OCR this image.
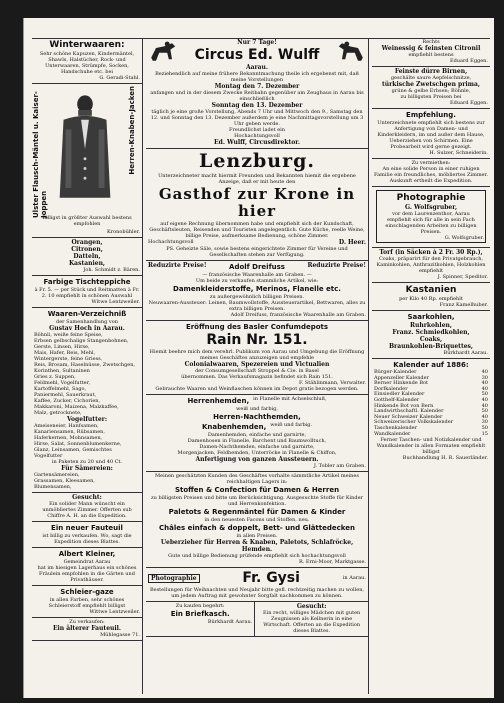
Winterwaaren:

Sehr schöne Kapuzen, Kindermäntel, Shawls, Halstücher, Rock- und Unterwaaren, Strümpfe, Socken, Handschuhe etc. bei

G. Geradi-Stahl.

Ulster Flausch-Mäntel u. Kaiser-Joppen
Herren-Knaben-Jacken

Billigst in größter Auswahl bestens empfohlen

Kronobühler.

Orangen,

Citronen,

Datteln,

Kastanien,

Joh. Schmidt z. Bären.

Farbige Tischteppiche

à Fr. 5. — per Stück und Reitmatten à Fr. 2. 10 empfiehlt in schönen Auswahl

Witwe Lentzweiler.

Waaren-Verzeichniß

der Samenhandlung von

Gustav Hoch in Aarau.

Böhnli, weiße feine Speise,

Erbsen gelbschalige Stangenbohnen,

Gerste, Linsen, Hirse,

Mais, Hafer, Reis, Mehl,

Wintergerste, feine Griess,

Reis, Brosam, Haselnüsse, Zwetschgen,

Korinthen, Sultaninen

Gries z. Suppen,

Feldmehl, Vogelfutter,

Kartoffelmehl, Sago,

Paniermehl, Sauerkraut,

Kaffee, Zucker, Cichorien,

Makkaroni, Maizena, Malzkaffee,

Malz, getrocknete,

Vogelfutter:

Ameiseneier, Hanfsamen,

Kanariensamen, Rübsamen,

Haferkernen, Mohnsamen,

Hirse, Salat, Sonnenblumenkerne,

Glanz, Leinsamen, Gemischtes Vogelfutter

in Paketen zu 20 und 40 Ct.

Für Sämereien:

Gartensämereien,

Grassamen, Kleesamen,

Blumensamen,

Gesucht:

Ein solider Mann wünscht ein unmöbliertes Zimmer. Offerten sub Chiffre A. H. an die Expedition.

Ein neuer Fauteuil

ist billig zu verkaufen. Wo, sagt die Expedition dieses Blattes.

Albert Kleiner,

Gemeindrat Aarau

hat im hiesigen Lagerhaus ein schönes Fräulein empfohlen in die Gärten und Privathäuser.

Schleier-gaze

in allen Farben, sehr schönes Schleierstoff empfiehlt billigst

Wittwe Lentzweiler.

Zu verkaufen:

Ein älterer Fauteuil.

Mühlegasse 71.

Nur 7 Tage!

Circus Ed. Wulff

Aarau.

Beziehendlich auf meine frühere Bekanntmachung theile ich ergebenst mit, daß meine Vorstellungen

Montag den 7. Dezember

anfangen und in der diesem Zwecke Reitbahn gegenüber am Zeughaus in Aarau bis einschließlich

Sonntag den 13. Dezember

täglich je eine große Vorstellung, Abends 7 Uhr und Mittwoch den 9., Samstag den 12. und Sonntag den 13. Dezember außerdem je eine Nachmittagsvorstellung um 3 Uhr geben werde.

Freundlichst ladet ein

Hochachtungsvoll

Ed. Wulff, Circusdirektor.

Lenzburg.

Unterzeichneter macht hiermit Freunden und Bekannten hiemit die ergebene Anzeige, daß er mit heute den

Gasthof zur Krone in hier

auf eigene Rechnung übernommen habe und empfiehlt sich der Kundschaft, Geschäftsleuten, Reisenden und Touristen angelegentlich. Gute Küche, reelle Weine, billige Preise, aufmerksame Bedienung, schöne Zimmer.

Hochachtungsvoll	D. Heer.

PS. Geheizte Säle, sowie bestens eingerichtete Zimmer für Vereine und Gesellschaften stehen zur Verfügung.

Reduzirte Preise!	Adolf Dreifuss	Reduzirte Preise!

— französische Waarenhalle am Graben. —

Um beide zu verkaufen stammliche Artikel, wie:

Damenkleiderstoffe, Merinos, Flanelle etc.

zu außergewöhnlich billigen Preisen.

Neuwaaren-Aussteuer: Leinen, Baumwollstoffe, Aussteuerartikel, Bettwaren, alles zu extra billigen Preisen.

Adolf Dreifuss, französische Waarenhalle am Graben.

Eröffnung des Basler Confumdepots

Rain Nr. 151.

Hiemit beehre mich dem verehrl. Publikum von Aarau und Umgebung die Eröffnung meines Geschäftes anzuzeigen und empfehle

Colonialwaaren, Spezereien und Victualien

der Consumgesellschaft Stroppel & Cie. in Basel

übernommen. Das Verkaufsmagazin befindet sich Rain 151.

F. Stählinmann, Verwalter.

Gebrauchte Waaren und Weinflaschen können im Depot gratis bezogen werden.

Herrenhemden, in Flanelle mit Achselschluß,

weiß und farbig,

Herren-Nachthemden,

Knabenhemden, weiß und farbig.

Damenhemden, einfache und garnirte,

Damenhosen in Flanelle, Barchent und Baumwolltuch,

Damen-Nachthemden, einfache und garnirte,

Morgenjacken, Feldhemden, Unterröcke in Flanelle & Chiffon,

Anfertigung von ganzen Aussteuern.

J. Tobler am Graben.

Meinen geschätzten Kunden des Geschäftes vorhalte sämmtliche Artikel meines reichhaltigen Lagers in:

Stoffen & Confection für Damen & Herren

zu billigsten Preisen und bitte um Berücksichtigung. Ausgesuchte Stoffe für Kinder und Herrenkonfektion.

Paletots & Regenmäntel für Damen & Kinder

in den neuesten Facons und Stoffen, neu.

Châles einfach & doppelt, Bett- und Glättedecken

in allen Preisen.

Ueberzieher für Herren & Knaben, Paletots, Schlafröcke, Hemden.

Gute und billige Bedienung prüfende empfiehlt sich hochachtungsvoll

R. Erni-Moor, Marktgasse.

Photographie	Fr. Gysi	in Aarau.

Bestellungen für Weihnachten und Neujahr bitte gefl. rechtzeitig machen zu wollen, um jedem Auftrag mit gewohnter Sorgfalt nachkommen zu können.

Zu kaufen begehrt:

Ein Briefkasch.

Bürkhardt Aarau.

Gesucht:

Ein recht, williges Mädchen mit guten Zeugnissen als Kellnerin in eine Wirtschaft. Offerten an die Expedition dieses Blattes.

Rechts

Weinessig & feinsten Citronil

empfiehlt bestens

Eduard Eggen.

Feinste dürre Birnen,

geschälte saure Aepfelschnitze,

türkische Zwetschgen prima,

grüne & gelbe Erbsen; Böhnle,

zu billigsten Preisen bei

Eduard Eggen.

Empfehlung.

Unterzeichnete empfiehlt sich bestens zur Anfertigung von Damen- und Kinderkleidern, im und außer dem Hause, Ueberziehen von Schirmen. Eine Probearbeit wird gerne gezeigt.

H. Sulzer, Schneiderin.

Zu vermiethen:

An eine solide Person in einer ruhigen Familie ein freundliches, möbliertes Zimmer. Auskunft ertheilt die Expedition.

Photographie

G. Wolfsgruber,

vor dem Laurenzenthor, Aarau

empfiehlt sich für alle in sein Fach einschlagenden Arbeiten zu billigen Preisen.

G. Wolfsgruber.

Torf (in Säcken à 2 Fr. 30 Rp.),

Coaks, präparirt für den Privatgebrauch, Kaminkohlen, Anthrazitkohlen, Holzkohlen empfiehlt

J. Spinner, Speditor.

Kastanien

per Kilo 40 Rp. empfiehlt

Franz Kamelhuber.

Saarkohlen,

Ruhrkohlen,

Franz. Schmiedkohlen,

Coaks,

Braunkohlen-Briquettes,

Bürkhardt Aarau.

Kalender auf 1886:

Bürger-Kalender	40
Appenzeller Kalender	30
Berner Hinkende Bot	40
Dorfkalender	40
Einsiedler Kalender	50
Gotthelf-Kalender	40
Hinkende Bot von Bern	40
Landwirthschaftl. Kalender	50
Neuer Schweizer Kalender	40
Schweizerischer Volkskalender	30
Taschenkalender	50
Wandkalender	15

Ferner Taschen- und Notizkalender und Wandkalender in allen Formaten empfiehlt billigst

Buchhandlung H. R. Sauerländer.
